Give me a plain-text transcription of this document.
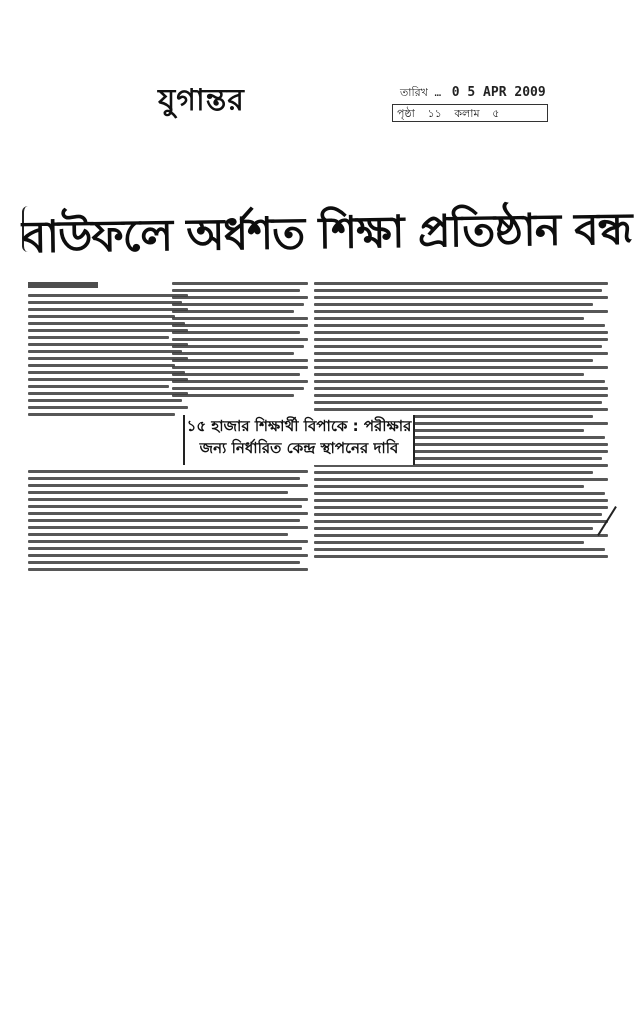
যুগান্তর	তারিখ … 0 5 APR 2009
পৃষ্ঠা ১১ কলাম ৫
বাউফলে অর্ধশত শিক্ষা প্রতিষ্ঠান বন্ধ
১৫ হাজার শিক্ষার্থী বিপাকে : পরীক্ষার
জন্য নির্ধারিত কেন্দ্র স্থাপনের দাবি
